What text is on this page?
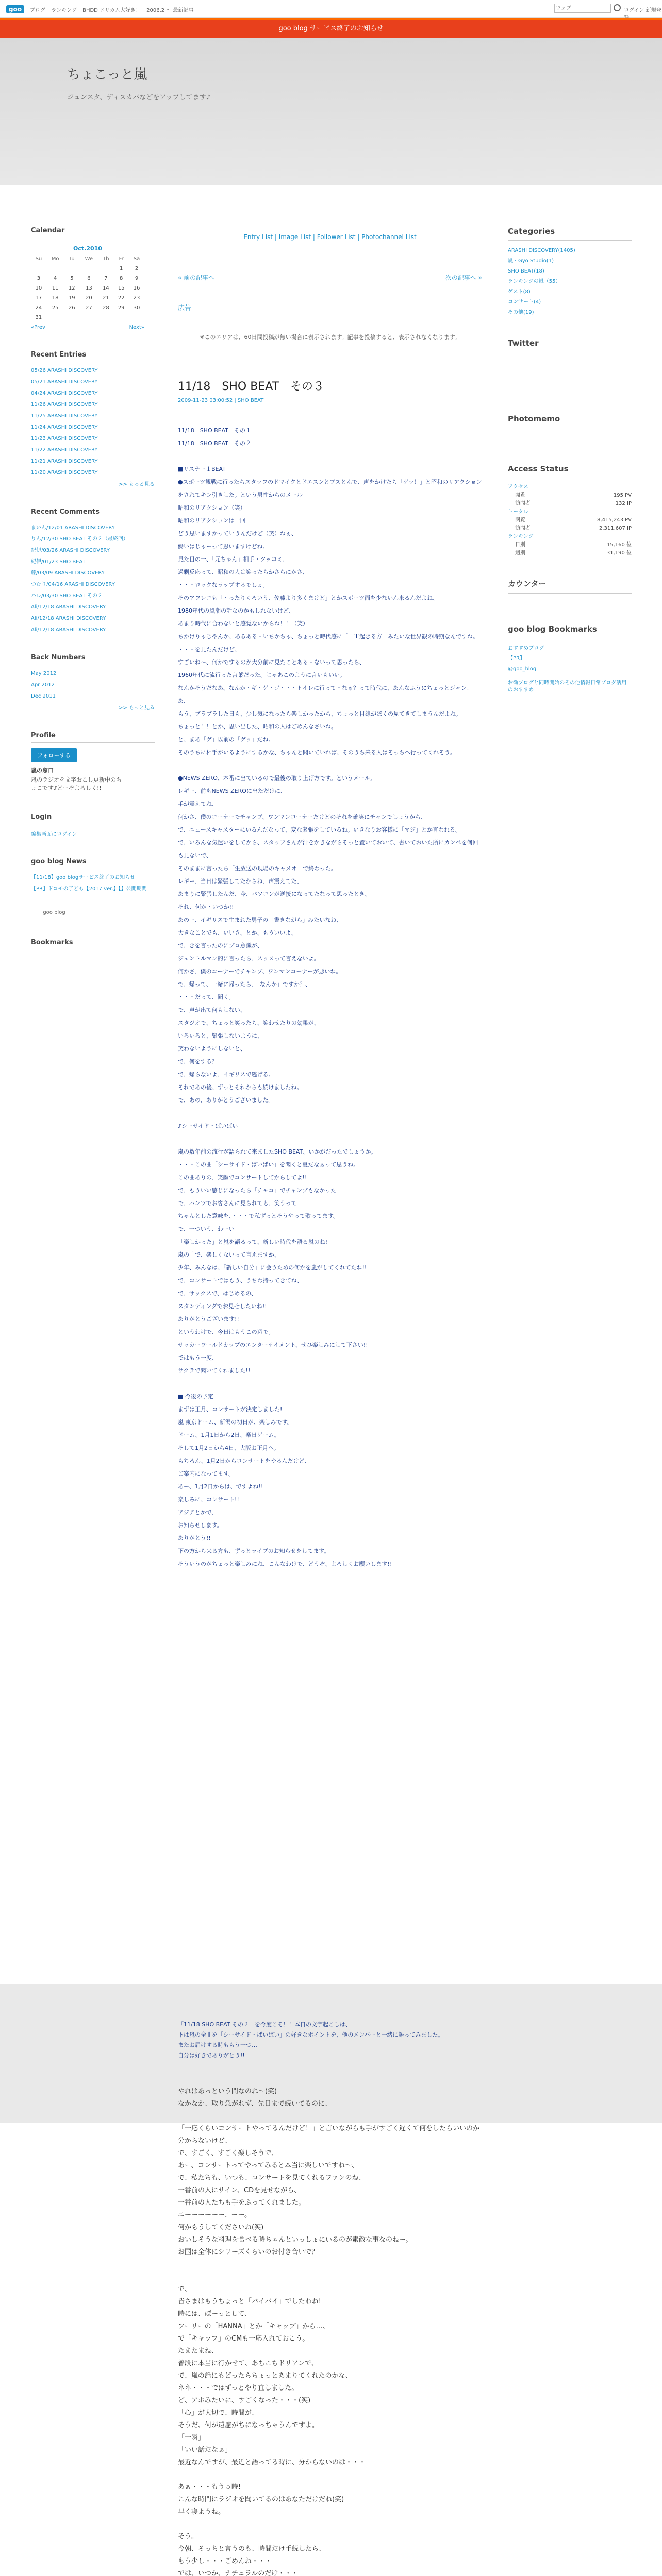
goo	ブログ ランキング BHDD ドリカム大好き！ 2006.2 ～ 最新記事
ウェブ	ログイン 新規登
goo blog サービス終了のお知らせ
ちょこっと嵐
ジュンスタ、ディスカバなどをアップしてます♪
Calendar
Oct.2010						
Su	Mo	Tu	We	Th	Fr	Sa
					1	2
3	4	5	6	7	8	9
10	11	12	13	14	15	16
17	18	19	20	21	22	23
24	25	26	27	28	29	30
31						
«Prev	Next»
Recent Entries
05/26 ARASHI DISCOVERY
05/21 ARASHI DISCOVERY
04/24 ARASHI DISCOVERY
11/26 ARASHI DISCOVERY
11/25 ARASHI DISCOVERY
11/24 ARASHI DISCOVERY
11/23 ARASHI DISCOVERY
11/22 ARASHI DISCOVERY
11/21 ARASHI DISCOVERY
11/20 ARASHI DISCOVERY
>> もっと見る
Recent Comments
まいん/12/01 ARASHI DISCOVERY
りん/12/30 SHO BEAT その２（最終回）
紀伊/03/26 ARASHI DISCOVERY
紀伊/01/23 SHO BEAT
藤/03/09 ARASHI DISCOVERY
つむり/04/16 ARASHI DISCOVERY
ハル/03/30 SHO BEAT その２
Ali/12/18 ARASHI DISCOVERY
Ali/12/18 ARASHI DISCOVERY
Ali/12/18 ARASHI DISCOVERY
Back Numbers
May 2012
Apr 2012
Dec 2011
>> もっと見る
Profile
フォローする
嵐の窓口
嵐のラジオを文字おこし更新中のちょこです♪どーぞよろしく!!
Login
編集画面にログイン
goo blog News
【11/18】goo blogサービス終了のお知らせ
【PR】ドコモの子ども【2017 ver.】【】公開期間
goo blog
Bookmarks
Entry List | Image List | Follower List | Photochannel List
« 前の記事へ	次の記事へ »
広告
※このエリアは、60日間投稿が無い場合に表示されます。記事を投稿すると、表示されなくなります。
11/18　SHO BEAT　その３
2009-11-23 03:00:52 | SHO BEAT

11/18　SHO BEAT　その１

11/18　SHO BEAT　その２

■リスナー１BEAT

●スポーツ観戦に行ったらスタッフのドマイクとドエスンとブスとんで、声をかけたら「ゲッ！」と昭和のリアクションをされてキン引きした。という男性からのメール

昭和のリアクション（笑）

昭和のリアクションは一回

どう思いますかっていうんだけど（笑）ねぇ、

働いはじゃーって思いますけどね。

見た目の一、「元ちゃん」相手・ツッコミ、

過剰反応って、昭和の人は笑ったらかさらにかさ、

・・・ロックなラップするでしょ。

そのアフレコも「・ったりくろいう、佐藤より多くまけど」とかスポーツ面を少ないん来るんだよね、

1980年代の風潮の話なのかもしれないけど、

あまり時代に合わないと感覚ないからね！！（笑）

ちかけりゃじやんか、あるある・いちかちゃ、ちょっと時代感に「ＩＴ起きる方」みたいな世界観の時期なんですね。

・・・を見たんだけど、

すごいね～、何かでするのが大分前に見たことある・ないって思ったら、

1960年代に流行った言葉だった。じゃあこのように言いもいい。

なんかそうだなあ、なんか・ギ・ゲ・ゴ・・・トイレに行って・なぁ？って時代に、あんなふうにちょっとジャン！あ、

もう、ブラブラした日も、少し気になったら楽しかったから、ちょっと目線がぼくの見てきてしまうんだよね。

ちょっと！！とか、思い出した、昭和の人はごめんなさいね。

と、まあ「ゲ」以前の「ゲッ」だね。

そのうちに相手がいるようにするかな、ちゃんと聞いていれば、そのうち来る人はそっちへ行ってくれそう。

●NEWS ZERO、本番に出ているので最後の取り上げ方です。というメール。

レギー、前もNEWS ZEROに出ただけに、

手が震えてね、

何かさ、僕のコーナーでチャンプ、ワンマンコーナーだけどのそれを確実にチャンでしょうから、

で、ニュースキャスターにいるんだなって、変な緊張をしているね。いきなりお客様に「マジ」とか言われる。

で、いろんな気遣いをしてから、スタッフさんが汗をかきながらそっと置いておいて、書いておいた所にカンペを何回も見ないで、

そのままに言ったら「生放送の現場のキャメオ」で終わった。

レギー、当日は緊張してたからね、声震えてた、

あまりに緊張したんだ、今、パソコンが逆接になってたなって思ったとき、

それ、何か・いつか!!

あのー、イギリスで生まれた男子の「書きながら」みたいなね、

大きなことでも、いいさ、とか、もういいよ、

で、きを言ったのにプロ意識が、

ジェントルマン的に言ったら、スッスって言えないよ。

何かさ、僕のコーナーでチャンプ、ワンマンコーナーが悪いね。

で、帰って、一緒に帰ったら、「なんか」ですか？、

・・・だって、聞く。

で、声が出て何もしない、

スタジオで、ちょっと笑ったら、笑わせたりの効果が、

いろいろと、緊張しないように、

笑わないようにしないと、

で、何をする？

で、帰らないよ、イギリスで逃げる。

それであの後、ずっとそれからも続けましたね。

で、あの、ありがとうございました。

♪シーサイド・ばいばい

嵐の数年前の流行が語られて来ましたSHO BEAT、いかがだったでしょうか。

・・・この曲「シーサイド・ばいばい」を聞くと夏だなぁって思うね。

この曲ありの、笑顔でコンサートしてからしてよ!!

で、もういい感じになったら「チャコ」でチャンプもなかった

で、パンツでお客さんに見られても、笑うって

ちゃんとした意味を、・・・で私ずっとそうやって歌ってます。

で、一ついう、わーい

「楽しかった」と嵐を語るって、新しい時代を語る嵐のね!

嵐の中で、楽しくないって言えますか、

少年、みんなは、「新しい自分」に会うための何かを嵐がしてくれてたね!!

で、コンサートではもう、うちわ持ってきてね、

で、サックスで、はじめるの、

スタンディングでお見せしたいね!!

ありがとうございます!!

というわけで、今日はもうこの辺で。

サッカーワールドカップのエンターテイメント、ぜひ楽しみにして下さい!!

ではもう一度、

サクラで聞いてくれました!!

■ 今後の予定

まずは正月、コンサートが決定しました!

嵐 東京ドーム、新潟の初日が、楽しみです。

ドーム、1月1日から2日、楽日ゲーム。

そして1月2日から4日、大阪お正月へ。

もちろん、1月2日からコンサートをやるんだけど、

ご案内になってます。

あー、1月2日からは、ですよね!!

楽しみに、コンサート!!

アジアとかで、

お知らせします。

ありがとう!!

下の方から来る方も、ずっとライブのお知らせをしてます。

そういうのがちょっと楽しみにね、こんなわけで、どうぞ、よろしくお願いします!!

「11/18 SHO BEAT その２」を今度こそ！！本日の文字起こしは、

下は嵐の全曲を「シーサイド・ばいばい」の好きなポイントを、他のメンバーと一緒に語ってみました。

またお届けする時ももう一つ…

自分は好きでありがとう!!

やれはあっという間なのね～(笑)

なかなか、取り急がれず、先日まで続いてるのに、

「一応くらいコンサートやってるんだけど！」と言いながらも手がすごく遅くて何をしたらいいのか分からないけど、

で、すごく、すごく楽しそうで、

あー、コンサートってやってみると本当に楽しいですね〜、

で、私たちも、いつも、コンサートを見てくれるファンのね、

一番前の人にサイン、CDを見せながら、

一番前の人たちも手をふってくれました。

エーーーーーー、ーー。

何かもうしてくださいね(笑)

おいしそうな料理を食べる時ちゃんといっしょにいるのが素敵な事なのねー。

お国は全体にシリーズくらいのお付き合いで？

で、

皆さまはもうちょっと「バイバイ」でしたわね!

時には、ぼーっとして、

フーリーの「HANNA」とか「キャップ」から…、

で「キャップ」のCMも一応入れておこう。

たまたまね、

普段に本当に行かせて、あちこちドリアンで、

で、嵐の話にもどったらちょっとあまりてくれたのかな、

ネネ・・・ではずっとやり直しました。

ど、アホみたいに、すごくなった・・・(笑)

「心」が大切で、時間が、

そうだ、何が遠慮がちになっちゃうんですよ。

「一瞬」

「いい話だなぁ」

最近なんですが、最近と語ってる時に、分からないのは・・・

あぁ・・・もう５時!

こんな時間にラジオを聞いてるのはあなただけだね(笑)

早く寝ようね。

そう。

今朝、そっちと言うのも、時間だけ手続したら、

もう少し・・・ごめんね・・・

では、いつか、ナチュラルのだけ・・・

Categories
ARASHI DISCOVERY(1405)
嵐・Gyo Studio(1)
SHO BEAT(18)
ランキングの嵐（55）
ゲスト(8)
コンサート(4)
その他(19)
Twitter
Photomemo
Access Status
アクセス
閲覧	195 PV
訪問者	132 IP
トータル
閲覧	8,415,243 PV
訪問者	2,311,607 IP
ランキング
日別	15,160 位
週別	31,190 位
カウンター
goo blog Bookmarks
おすすめブログ
【PR】
@goo_blog
お勧ブログと同時開始のその他情報日常ブログ活用のおすすめ
